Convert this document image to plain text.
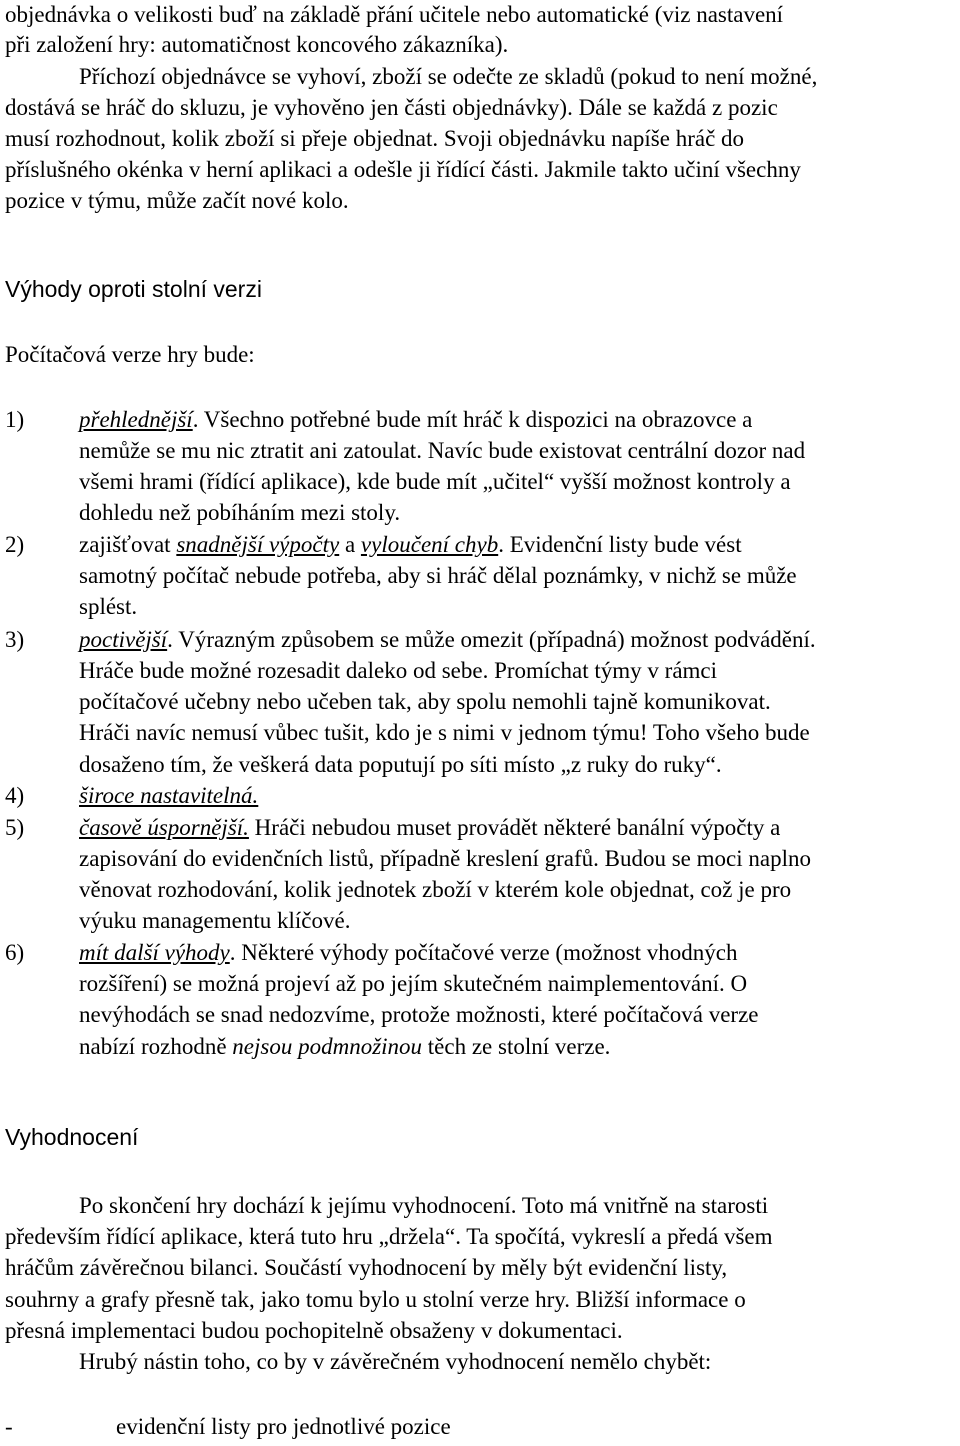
objednávka o velikosti buď na základě přání učitele nebo automatické (viz nastavení
při založení hry: automatičnost koncového zákazníka).
Příchozí objednávce se vyhoví, zboží se odečte ze skladů (pokud to není možné,
dostává se hráč do skluzu, je vyhověno jen části objednávky). Dále se každá z pozic
musí rozhodnout, kolik zboží si přeje objednat. Svoji objednávku napíše hráč do
příslušného okénka v herní aplikaci a odešle ji řídící části. Jakmile takto učiní všechny
pozice v týmu, může začít nové kolo.
Výhody oproti stolní verzi
Počítačová verze hry bude:
1) přehlednější. Všechno potřebné bude mít hráč k dispozici na obrazovce a
nemůže se mu nic ztratit ani zatoulat. Navíc bude existovat centrální dozor nad
všemi hrami (řídící aplikace), kde bude mít „učitel“ vyšší možnost kontroly a
dohledu než pobíháním mezi stoly.
2) zajišťovat snadnější výpočty a vyloučení chyb. Evidenční listy bude vést
samotný počítač nebude potřeba, aby si hráč dělal poznámky, v nichž se může
splést.
3) poctivější. Výrazným způsobem se může omezit (případná) možnost podvádění.
Hráče bude možné rozesadit daleko od sebe. Promíchat týmy v rámci
počítačové učebny nebo učeben tak, aby spolu nemohli tajně komunikovat.
Hráči navíc nemusí vůbec tušit, kdo je s nimi v jednom týmu! Toho všeho bude
dosaženo tím, že veškerá data poputují po síti místo „z ruky do ruky“.
4) široce nastavitelná.
5) časově úspornější. Hráči nebudou muset provádět některé banální výpočty a
zapisování do evidenčních listů, případně kreslení grafů. Budou se moci naplno
věnovat rozhodování, kolik jednotek zboží v kterém kole objednat, což je pro
výuku managementu klíčové.
6) mít další výhody. Některé výhody počítačové verze (možnost vhodných
rozšíření) se možná projeví až po jejím skutečném naimplementování. O
nevýhodách se snad nedozvíme, protože možnosti, které počítačová verze
nabízí rozhodně nejsou podmnožinou těch ze stolní verze.
Vyhodnocení
Po skončení hry dochází k jejímu vyhodnocení. Toto má vnitřně na starosti
především řídící aplikace, která tuto hru „držela“. Ta spočítá, vykreslí a předá všem
hráčům závěrečnou bilanci. Součástí vyhodnocení by měly být evidenční listy,
souhrny a grafy přesně tak, jako tomu bylo u stolní verze hry. Bližší informace o
přesná implementaci budou pochopitelně obsaženy v dokumentaci.
Hrubý nástin toho, co by v závěrečném vyhodnocení nemělo chybět:
-	evidenční listy pro jednotlivé pozice
